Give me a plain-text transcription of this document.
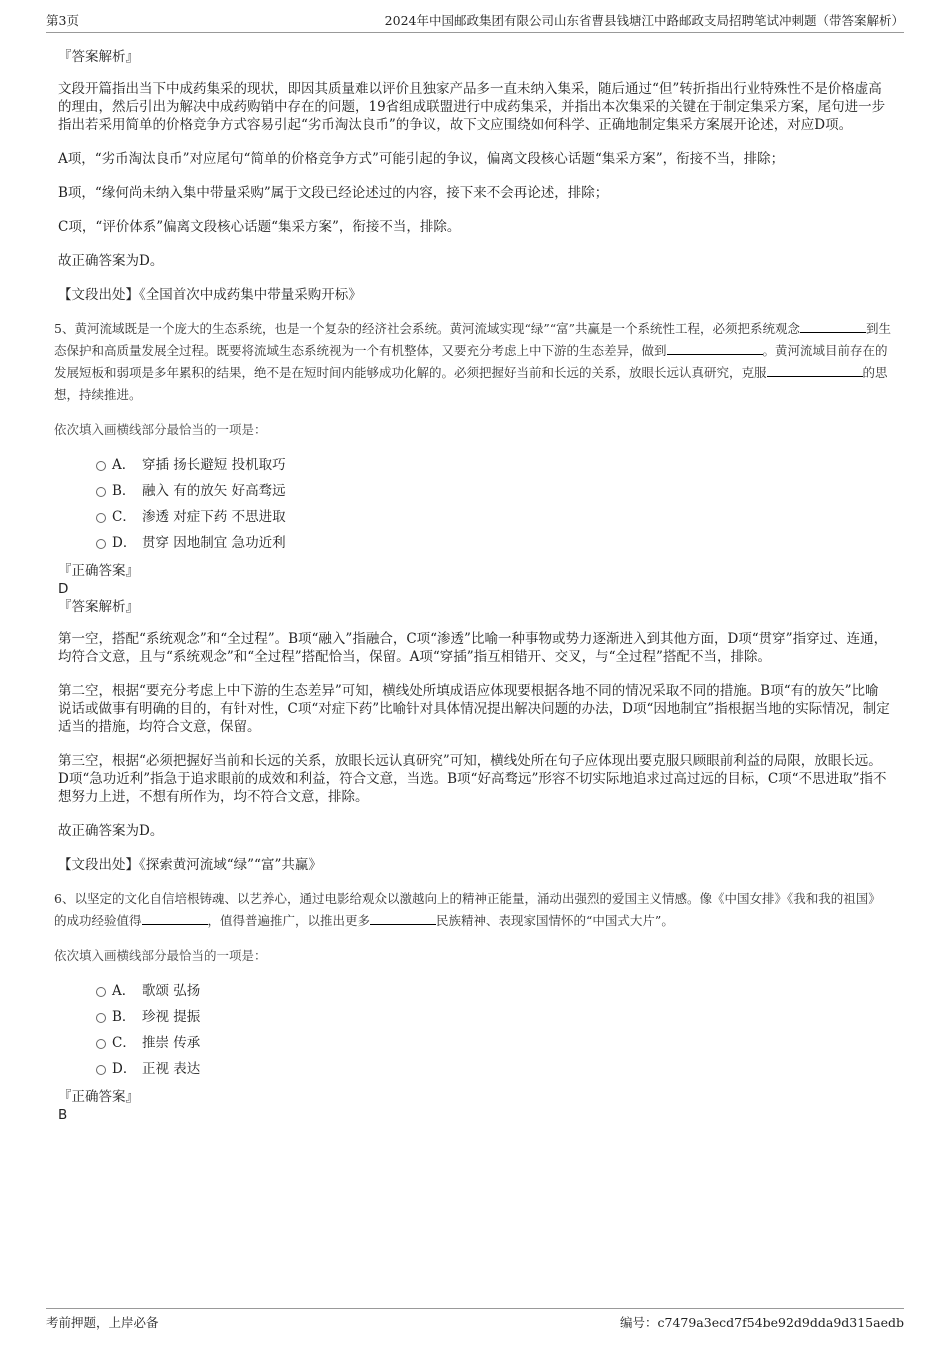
第3页	2024年中国邮政集团有限公司山东省曹县钱塘江中路邮政支局招聘笔试冲刺题（带答案解析）

『答案解析』

文段开篇指出当下中成药集采的现状，即因其质量难以评价且独家产品多一直未纳入集采，随后通过“但”转折指出行业特殊性不是价格虚高的理由，然后引出为解决中成药购销中存在的问题，19省组成联盟进行中成药集采，并指出本次集采的关键在于制定集采方案，尾句进一步指出若采用简单的价格竞争方式容易引起“劣币淘汰良币”的争议，故下文应围绕如何科学、正确地制定集采方案展开论述，对应D项。

A项，“劣币淘汰良币”对应尾句“简单的价格竞争方式”可能引起的争议，偏离文段核心话题“集采方案”，衔接不当，排除；

B项，“缘何尚未纳入集中带量采购”属于文段已经论述过的内容，接下来不会再论述，排除；

C项，“评价体系”偏离文段核心话题“集采方案”，衔接不当，排除。

故正确答案为D。

【文段出处】《全国首次中成药集中带量采购开标》

5、黄河流域既是一个庞大的生态系统，也是一个复杂的经济社会系统。黄河流域实现“绿”“富”共赢是一个系统性工程，必须把系统观念	到生态保护和高质量发展全过程。既要将流域生态系统视为一个有机整体，又要充分考虑上中下游的生态差异，做到	。黄河流域目前存在的发展短板和弱项是多年累积的结果，绝不是在短时间内能够成功化解的。必须把握好当前和长远的关系，放眼长远认真研究，克服	的思想，持续推进。

依次填入画横线部分最恰当的一项是：

A． 穿插 扬长避短 投机取巧
B． 融入 有的放矢 好高骛远
C． 渗透 对症下药 不思进取
D． 贯穿 因地制宜 急功近利

『正确答案』

D

『答案解析』

第一空，搭配“系统观念”和“全过程”。B项“融入”指融合，C项“渗透”比喻一种事物或势力逐渐进入到其他方面，D项“贯穿”指穿过、连通，均符合文意，且与“系统观念”和“全过程”搭配恰当，保留。A项“穿插”指互相错开、交叉，与“全过程”搭配不当，排除。

第二空，根据“要充分考虑上中下游的生态差异”可知，横线处所填成语应体现要根据各地不同的情况采取不同的措施。B项“有的放矢”比喻说话或做事有明确的目的，有针对性，C项“对症下药”比喻针对具体情况提出解决问题的办法，D项“因地制宜”指根据当地的实际情况，制定适当的措施，均符合文意，保留。

第三空，根据“必须把握好当前和长远的关系，放眼长远认真研究”可知，横线处所在句子应体现出要克服只顾眼前利益的局限，放眼长远。D项“急功近利”指急于追求眼前的成效和利益，符合文意，当选。B项“好高骛远”形容不切实际地追求过高过远的目标，C项“不思进取”指不想努力上进，不想有所作为，均不符合文意，排除。

故正确答案为D。

【文段出处】《探索黄河流域“绿”“富”共赢》

6、以坚定的文化自信培根铸魂、以艺养心，通过电影给观众以激越向上的精神正能量，涌动出强烈的爱国主义情感。像《中国女排》《我和我的祖国》的成功经验值得	，值得普遍推广，以推出更多	民族精神、表现家国情怀的“中国式大片”。

依次填入画横线部分最恰当的一项是：

A． 歌颂 弘扬
B． 珍视 提振
C． 推崇 传承
D． 正视 表达

『正确答案』

B

考前押题，上岸必备	编号：c7479a3ecd7f54be92d9dda9d315aedb
